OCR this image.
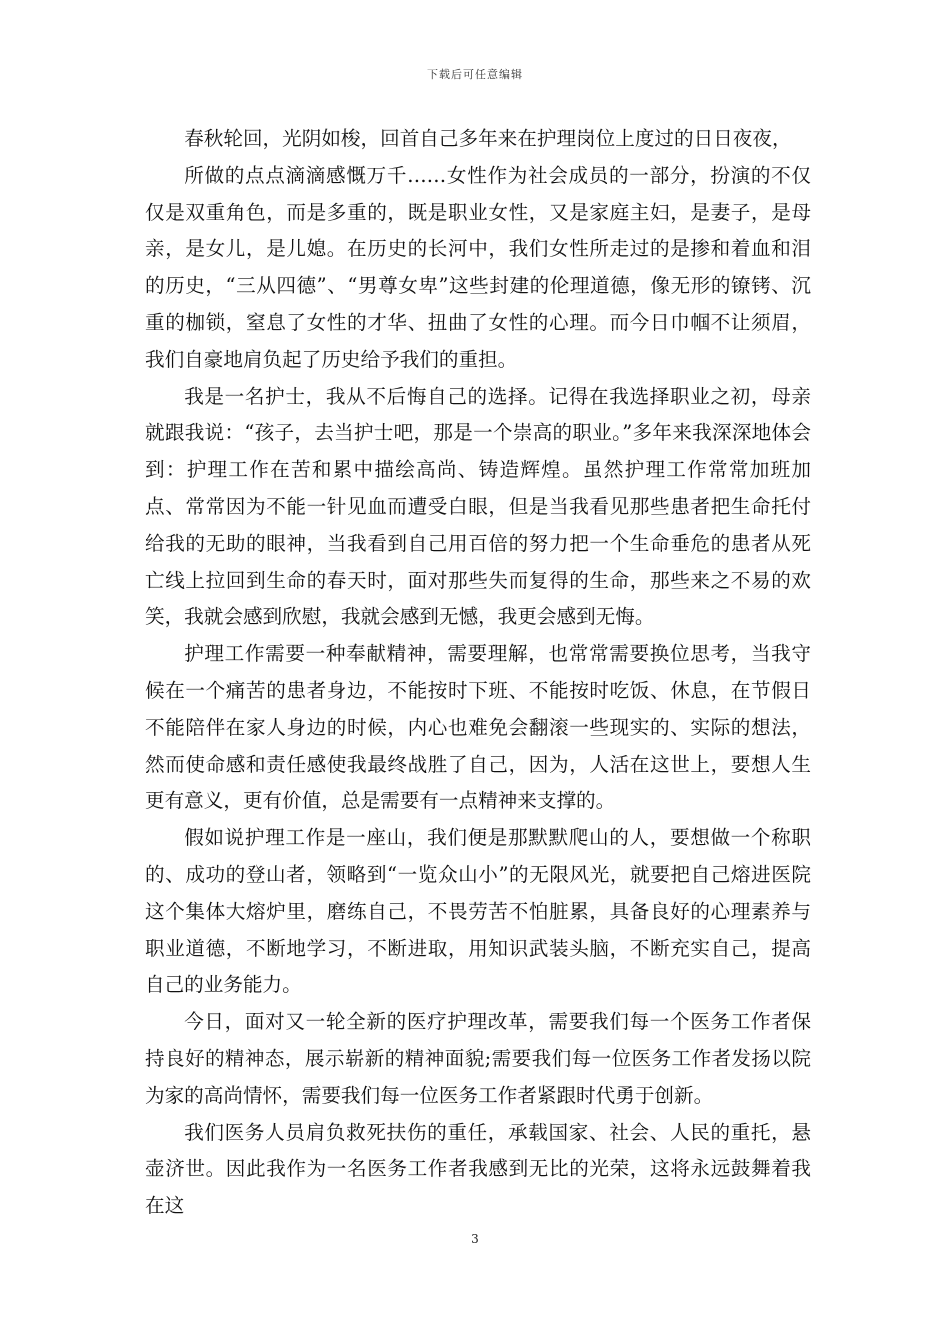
下载后可任意编辑

春秋轮回，光阴如梭，回首自己多年来在护理岗位上度过的日日夜夜，

所做的点点滴滴感慨万千……女性作为社会成员的一部分，扮演的不仅仅是双重角色，而是多重的，既是职业女性，又是家庭主妇，是妻子，是母亲，是女儿，是儿媳。在历史的长河中，我们女性所走过的是掺和着血和泪的历史，“三从四德”、“男尊女卑”这些封建的伦理道德，像无形的镣铐、沉重的枷锁，窒息了女性的才华、扭曲了女性的心理。而今日巾帼不让须眉，我们自豪地肩负起了历史给予我们的重担。

我是一名护士，我从不后悔自己的选择。记得在我选择职业之初，母亲就跟我说：“孩子，去当护士吧，那是一个崇高的职业。”多年来我深深地体会到：护理工作在苦和累中描绘高尚、铸造辉煌。虽然护理工作常常加班加点、常常因为不能一针见血而遭受白眼，但是当我看见那些患者把生命托付给我的无助的眼神，当我看到自己用百倍的努力把一个生命垂危的患者从死亡线上拉回到生命的春天时，面对那些失而复得的生命，那些来之不易的欢笑，我就会感到欣慰，我就会感到无憾，我更会感到无悔。

护理工作需要一种奉献精神，需要理解，也常常需要换位思考，当我守候在一个痛苦的患者身边，不能按时下班、不能按时吃饭、休息，在节假日不能陪伴在家人身边的时候，内心也难免会翻滚一些现实的、实际的想法，然而使命感和责任感使我最终战胜了自己，因为，人活在这世上，要想人生更有意义，更有价值，总是需要有一点精神来支撑的。

假如说护理工作是一座山，我们便是那默默爬山的人，要想做一个称职的、成功的登山者，领略到“一览众山小”的无限风光，就要把自己熔进医院这个集体大熔炉里，磨练自己，不畏劳苦不怕脏累，具备良好的心理素养与职业道德，不断地学习，不断进取，用知识武装头脑，不断充实自己，提高自己的业务能力。

今日，面对又一轮全新的医疗护理改革，需要我们每一个医务工作者保持良好的精神态，展示崭新的精神面貌;需要我们每一位医务工作者发扬以院为家的高尚情怀，需要我们每一位医务工作者紧跟时代勇于创新。

我们医务人员肩负救死扶伤的重任，承载国家、社会、人民的重托，悬壶济世。因此我作为一名医务工作者我感到无比的光荣，这将永远鼓舞着我在这

3
